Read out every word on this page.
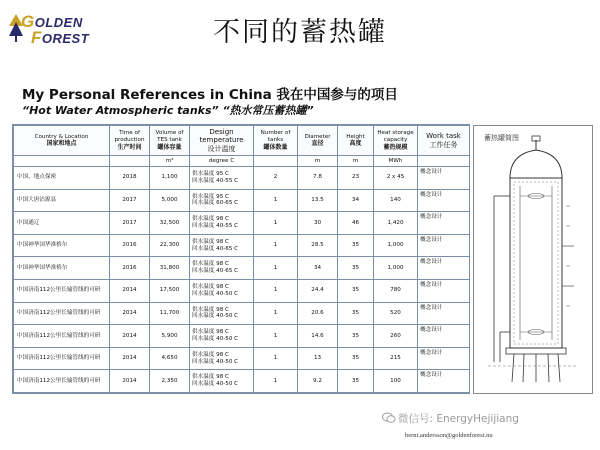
GOLDEN
FOREST	不同的蓄热罐
My Personal References in China 我在中国参与的项目
“Hot Water Atmospheric tanks” “热水常压蓄热罐”
Country & Location
国家和地点	Time of production
生产时间	Volume of TES tank
罐体容量	Design temperature
设计温度	Number of tanks
罐体数量	Diameter
直径	Height
高度	Heat storage capacity
蓄热规模	Work task
工作任务

		m³	degree C		m	m	MWh	
中国、地点保密	2018	1,100	供水温度 95 C
回水温度 40-55 C	2	7.8	23	2 x 45	概念设计
中国大唐沽源县	2017	5,000	供水温度 95 C
回水温度 60-65 C	1	13.5	34	140	概念设计
中国通辽	2017	32,500	供水温度 98 C
回水温度 40-55 C	1	30	46	1,420	概念设计
中国神华国华准格尔	2016	22,300	供水温度 98 C
回水温度 40-65 C	1	28.5	35	1,000	概念设计
中国神华国华准格尔	2016	31,800	供水温度 98 C
回水温度 40-65 C	1	34	35	1,000	概念设计
中国济南112公里长输管线的可研	2014	17,500	供水温度 98 C
回水温度 40-50 C	1	24.4	35	780	概念设计
中国济南112公里长输管线的可研	2014	11,700	供水温度 98 C
回水温度 40-50 C	1	20.6	35	520	概念设计
中国济南112公里长输管线的可研	2014	5,900	供水温度 98 C
回水温度 40-50 C	1	14.6	35	260	概念设计
中国济南112公里长输管线的可研	2014	4,650	供水温度 98 C
回水温度 40-50 C	1	13	35	215	概念设计
中国济南112公里长输管线的可研	2014	2,350	供水温度 98 C
回水温度 40-50 C	1	9.2	35	100	概念设计
蓄热罐简图
微信号: EnergyHejijiang
bernt.andersson@goldenforest.nu
